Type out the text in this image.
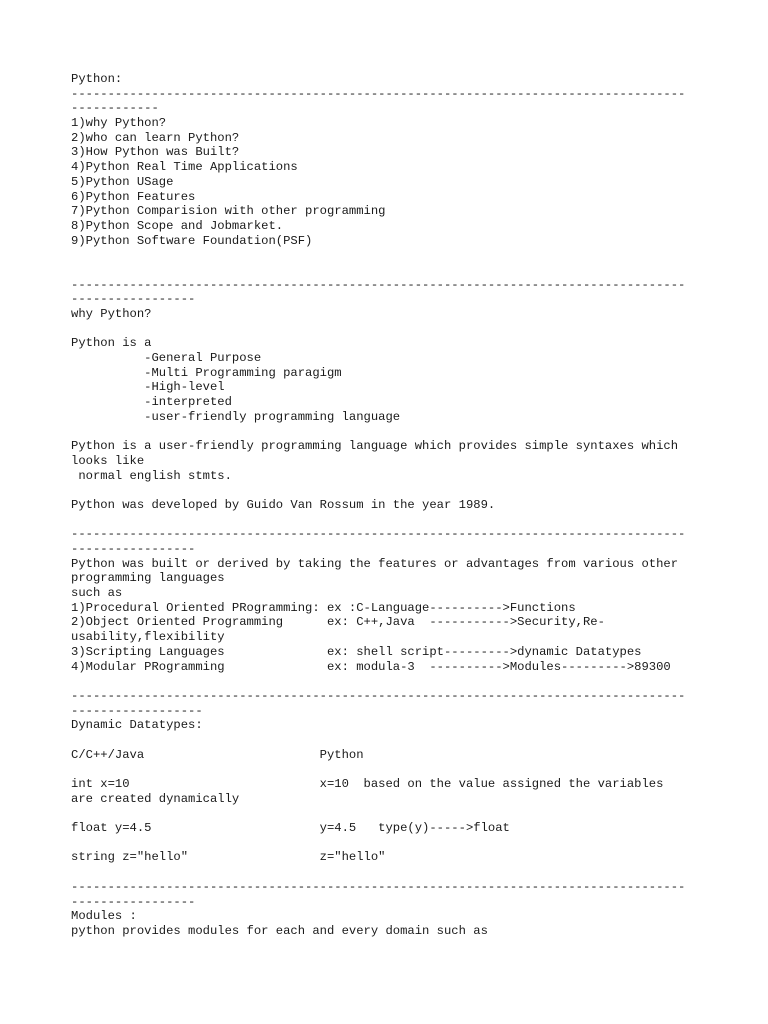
Python:
------------------------------------------------------------------------------------
------------
1)why Python?
2)who can learn Python?
3)How Python was Built?
4)Python Real Time Applications
5)Python USage
6)Python Features
7)Python Comparision with other programming
8)Python Scope and Jobmarket.
9)Python Software Foundation(PSF)
------------------------------------------------------------------------------------
-----------------
why Python?
Python is a
-General Purpose
-Multi Programming paragigm
-High-level
-interpreted
-user-friendly programming language
Python is a user-friendly programming language which provides simple syntaxes which
looks like
normal english stmts.
Python was developed by Guido Van Rossum in the year 1989.
------------------------------------------------------------------------------------
-----------------
Python was built or derived by taking the features or advantages from various other
programming languages
such as
1)Procedural Oriented PRogramming: ex :C-Language---------->Functions
2)Object Oriented Programming      ex: C++,Java  ----------->Security,Re-
usability,flexibility
3)Scripting Languages              ex: shell script--------->dynamic Datatypes
4)Modular PRogramming              ex: modula-3  ---------->Modules--------->89300
------------------------------------------------------------------------------------
------------------
Dynamic Datatypes:
C/C++/Java                        Python
int x=10                          x=10  based on the value assigned the variables
are created dynamically
float y=4.5                       y=4.5   type(y)----->float
string z="hello"                  z="hello"
------------------------------------------------------------------------------------
-----------------
Modules :
python provides modules for each and every domain such as
